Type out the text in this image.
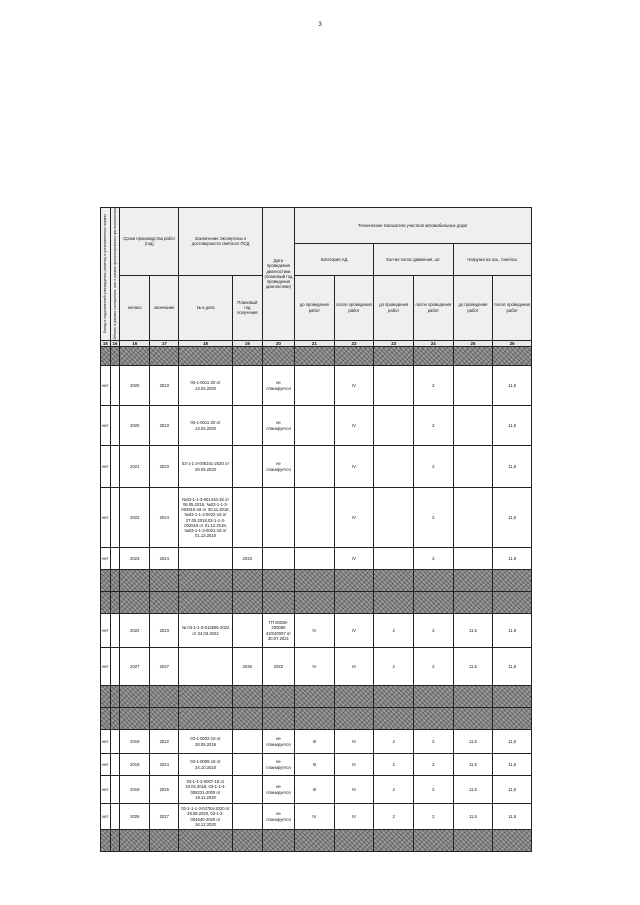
3
Вклад в подъязателей утверждения (замены) в установленных нормах	Объект, в рамках соглашения, или в рамках финансирования при выполнении	Сроки производства работ (год)		Заключение Экспертизы о достоверности сметного ПСД		Дата проведения диагностики (плановый год проведения диагностики)	Технические показатели участков автомобильных дорог					
							Категория АД		Кол-во полос движения, шт.		Нагрузка на ось, тонн/ось	
		начало	окончание	№ и дата	Плановый год получения		до проведения работ	после проведения работ	до проведения работ	после проведения работ	до проведения работ	после проведения работ
15	16	16	17	18	19	20	21	22	23	24	25	26

нет		2020	2023	03-1-0011-20 от 13.03.2020		не планируется		IV		2		11,5
нет		2020	2023	03-1-0011-20 от 13.03.2020		не планируется		IV		2		11,5
нет		2021	2023	03-1-1-3-006161-2020 от 28.05.2020		не планируется		IV		2		11,5
нет		2022	2024	№03-1-1-3-001416-18 от 06.05.2019, №03-1-1-3-004816-18 от 30.11.2018, №03-1-1-4-0022-18 от 27.05.2018,03-1-1-3-002618 от 01.12.2018, №03-1-1-3-0021-18 от 01.12.2018				IV		2		11,5
нет		2023	2024		2023			IV		2		11,5

нет		2022	2023	№ 03-1-1-3-013656-2022 от 24.03.2022		ГП 00036-200090 42/040007 от 30.07.2021	IV	IV	2	2	11,5	11,5
нет		2027	2027		2026	2022	IV	III	2	2	11,5	11,5

нет		2019	2022	03-1-0002-19 от 28.05.2019		не планируется	III	III	2	2	11,5	11,5
нет		2019	2024	03-1-0006-18 от 24.10.2018		не планируется	III	III	2	2	11,5	11,5
нет		2019	2025	03-1-1-3-0007-18 от 10.04.2018, 03-1-1-4-008231-2000 от 18.11.2020		не планируется	III	III	2	2	11,5	11,5
нет		2026	2027	03-1-1-1-3-04784-2020 от 28.08.2020, 03-1-2-004640-2020 от 18.12.2020		не планируется	IV	IV	2	2	11,5	11,5
